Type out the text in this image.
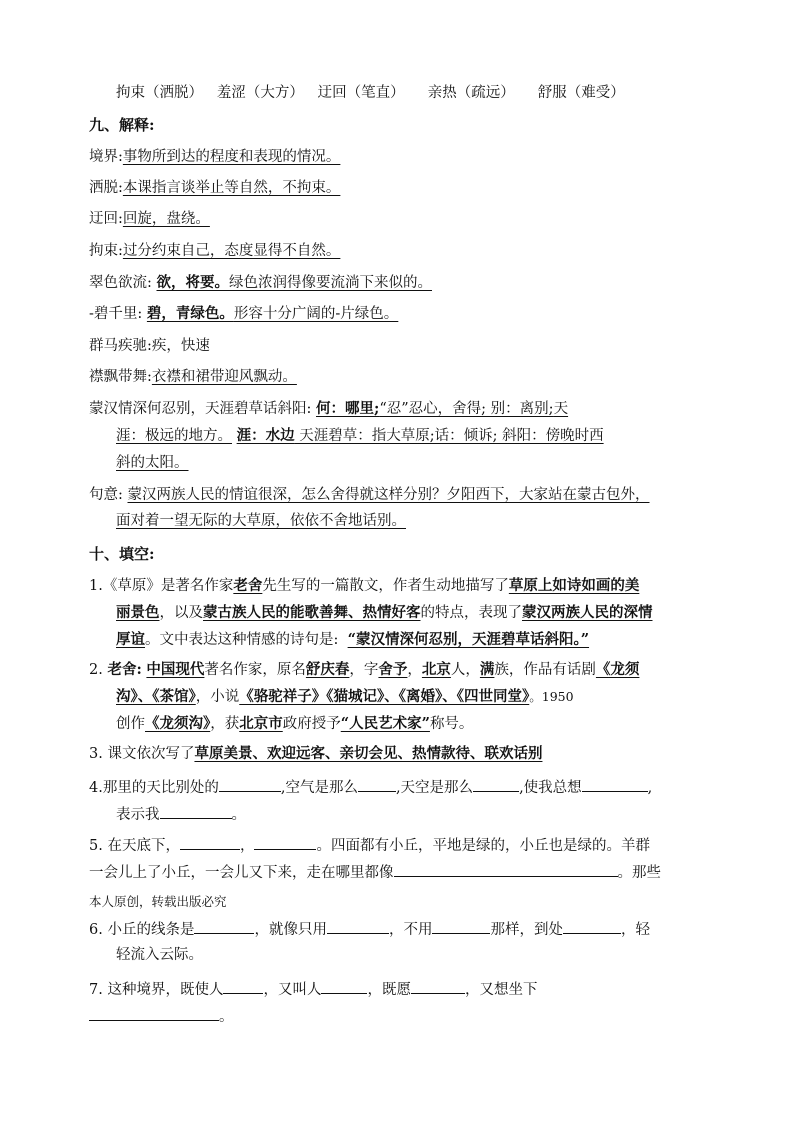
拘束（洒脱） 羞涩（大方） 迂回（笔直） 亲热（疏远） 舒服（难受）
九、解释:
境界:事物所到达的程度和表现的情况。
洒脱:本课指言谈举止等自然，不拘束。
迂回:回旋，盘绕。
拘束:过分约束自己，态度显得不自然。
翠色欲流: 欲，将要。绿色浓润得像要流淌下来似的。
-碧千里: 碧，青绿色。形容十分广阔的-片绿色。
群马疾驰:疾，快速
襟飘带舞:衣襟和裙带迎风飘动。
蒙汉情深何忍别，天涯碧草话斜阳: 何：哪里;“忍”忍心，舍得; 别：离别;天
涯：极远的地方。 涯：水边 天涯碧草：指大草原;话：倾诉; 斜阳：傍晚时西
斜的太阳。
句意: 蒙汉两族人民的情谊很深，怎么舍得就这样分别？夕阳西下，大家站在蒙古包外，
面对着一望无际的大草原，依依不舍地话别。
十、填空:
1.《草原》是著名作家老舍先生写的一篇散文，作者生动地描写了草原上如诗如画的美
丽景色，以及蒙古族人民的能歌善舞、热情好客的特点，表现了蒙汉两族人民的深情
厚谊。文中表达这种情感的诗句是: “蒙汉情深何忍别，天涯碧草话斜阳。”
2. 老舍: 中国现代著名作家，原名舒庆春，字舍予，北京人，满族，作品有话剧《龙须
沟》、《茶馆》，小说《骆驼祥子》《猫城记》、《离婚》、《四世同堂》。1950
创作《龙须沟》，获北京市政府授予“人民艺术家”称号。
3. 课文依次写了草原美景、欢迎远客、亲切会见、热情款待、联欢话别
4.那里的天比别处的	,空气是那么	,天空是那么	,使我总想	,
表示我	。
5. 在天底下，	，	。四面都有小丘，平地是绿的，小丘也是绿的。羊群
一会儿上了小丘，一会儿又下来，走在哪里都像	。那些
本人原创，转载出版必究
6. 小丘的线条是	，就像只用	，不用	那样，到处	，轻
轻流入云际。
7. 这种境界，既使人	，又叫人	，既愿	，又想坐下
。
